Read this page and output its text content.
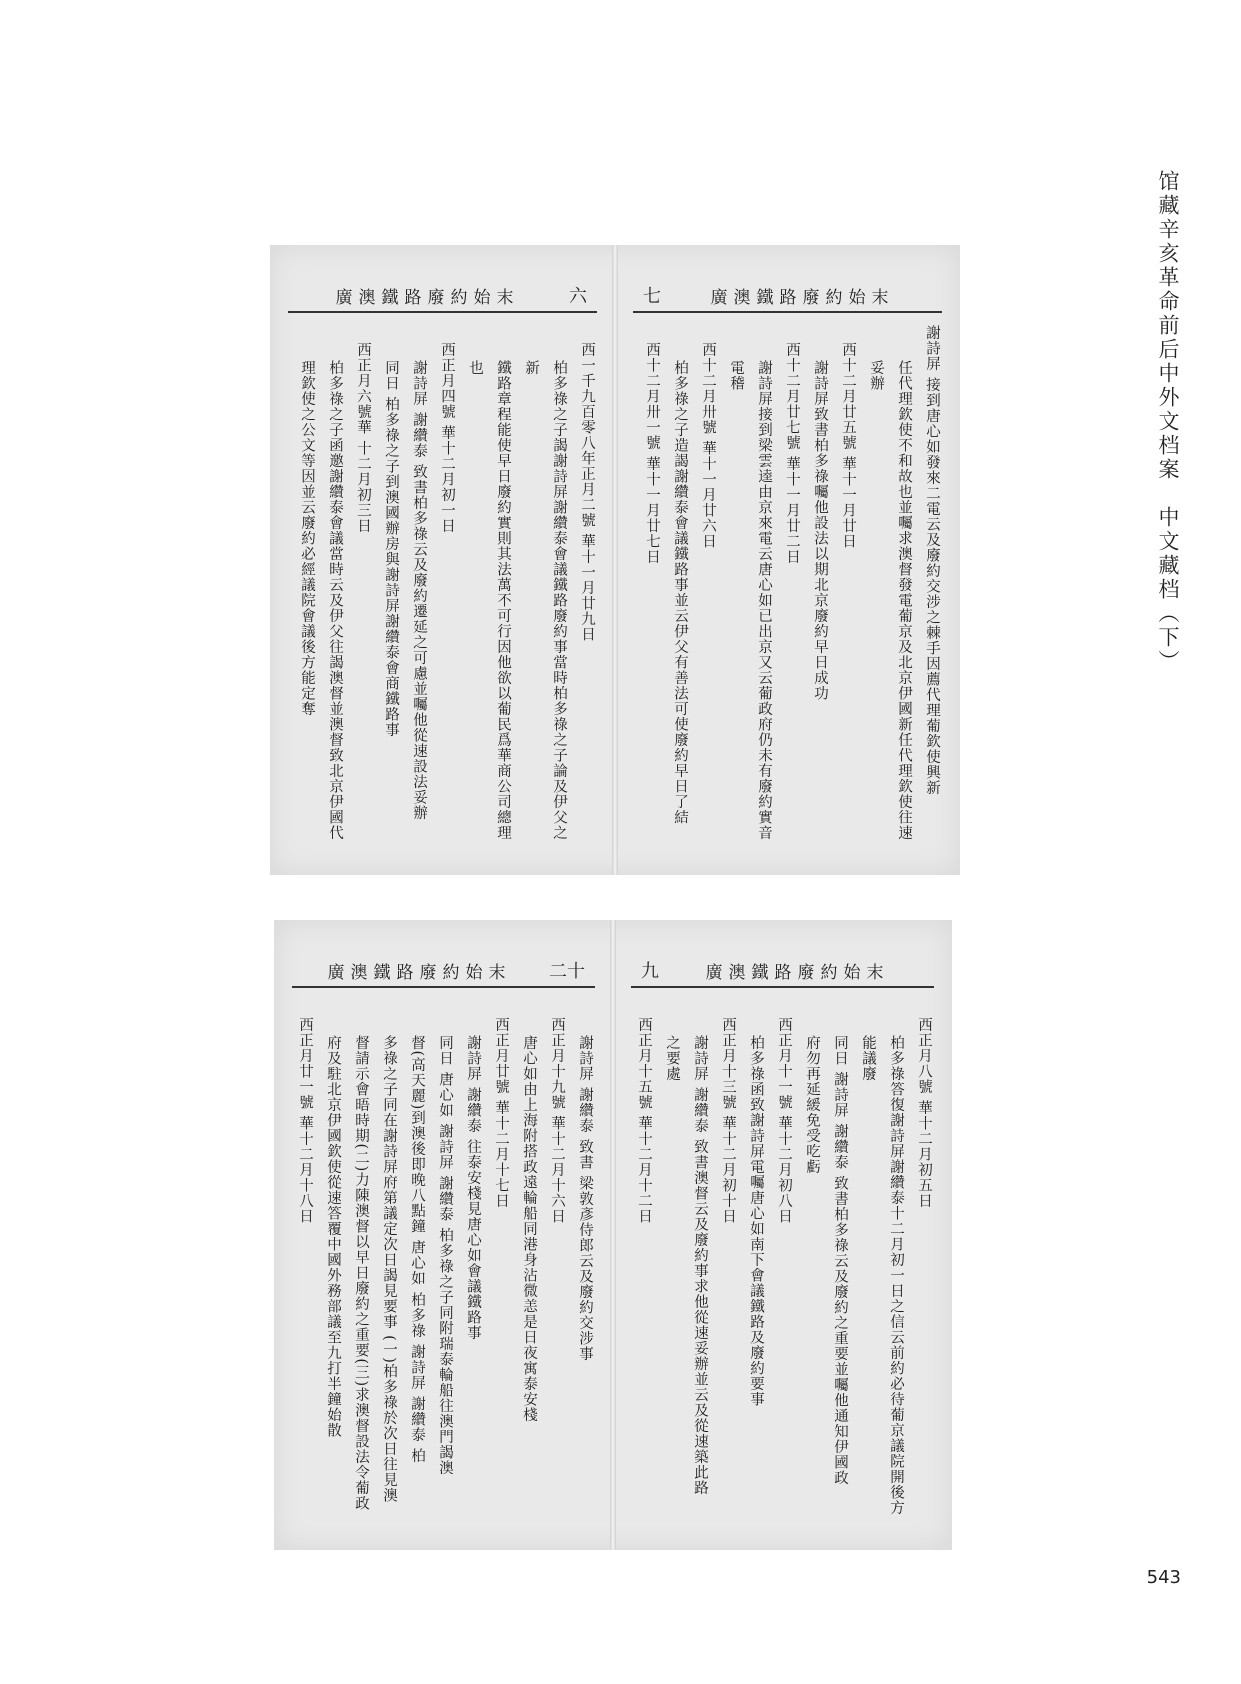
馆藏辛亥革命前后中外文档案　中文藏档（下）
廣澳鐵路廢約始末	六

西一千九百零八年正月二號 華十一月廿九日

柏多祿之子謁謝詩屏謝纘泰會議鐵路廢約事當時柏多祿之子論及伊父之新

鐵路章程能使早日廢約實則其法萬不可行因他欲以葡民爲華商公司總理

也

西正月四號 華十二月初一日

謝詩屏 謝纘泰 致書柏多祿云及廢約遷延之可慮並囑他從速設法妥辦

同日 柏多祿之子到澳國辦房與謝詩屏謝纘泰會商鐵路事

西正月六號華 十二月初三日

柏多祿之子函邀謝纘泰會議當時云及伊父往謁澳督並澳督致北京伊國代

理欽使之公文等因並云廢約必經議院會議後方能定奪

七	廣澳鐵路廢約始末

謝詩屏 接到唐心如發來二電云及廢約交涉之棘手因薦代理葡欽使興新

任代理欽使不和故也並囑求澳督發電葡京及北京伊國新任代理欽使往速

妥辦

西十二月廿五號 華十一月廿日

謝詩屏致書柏多祿囑他設法以期北京廢約早日成功

西十二月廿七號 華十一月廿二日

謝詩屏接到梁雲逵由京來電云唐心如已出京又云葡政府仍未有廢約實音

電稽

西十二月卅號 華十一月廿六日

柏多祿之子造謁謝纘泰會議鐵路事並云伊父有善法可使廢約早日了結

西十二月卅一號 華十一月廿七日

廣澳鐵路廢約始末	二十

謝詩屏 謝纘泰 致書 梁敦彥侍郎云及廢約交涉事

西正月十九號 華十二月十六日

唐心如由上海附搭政遠輪船同港身沾微恙是日夜寓泰安棧

西正月廿號 華十二月十七日

謝詩屏 謝纘泰 往泰安棧見唐心如會議鐵路事

同日 唐心如 謝詩屏 謝纘泰 柏多祿之子同附瑞泰輪船往澳門謁澳

督(高天麗)到澳後即晚八點鐘 唐心如 柏多祿 謝詩屏 謝纘泰 柏

多祿之子同在謝詩屏府第議定次日謁見要事 (一)柏多祿於次日往見澳

督請示會晤時期(二)力陳澳督以早日廢約之重要(三)求澳督設法令葡政

府及駐北京伊國欽使從速答覆中國外務部議至九打半鐘始散

西正月廿一號 華十二月十八日

九	廣澳鐵路廢約始末

西正月八號 華十二月初五日

柏多祿答復謝詩屏謝纘泰十二月初一日之信云前約必待葡京議院開後方

能議廢

同日 謝詩屏 謝纘泰 致書柏多祿云及廢約之重要並囑他通知伊國政

府勿再延緩免受吃虧

西正月十一號 華十二月初八日

柏多祿函致謝詩屏電囑唐心如南下會議鐵路及廢約要事

西正月十三號 華十二月初十日

謝詩屏 謝纘泰 致書澳督云及廢約事求他從速妥辦並云及從速築此路

之要處

西正月十五號 華十二月十二日

543
